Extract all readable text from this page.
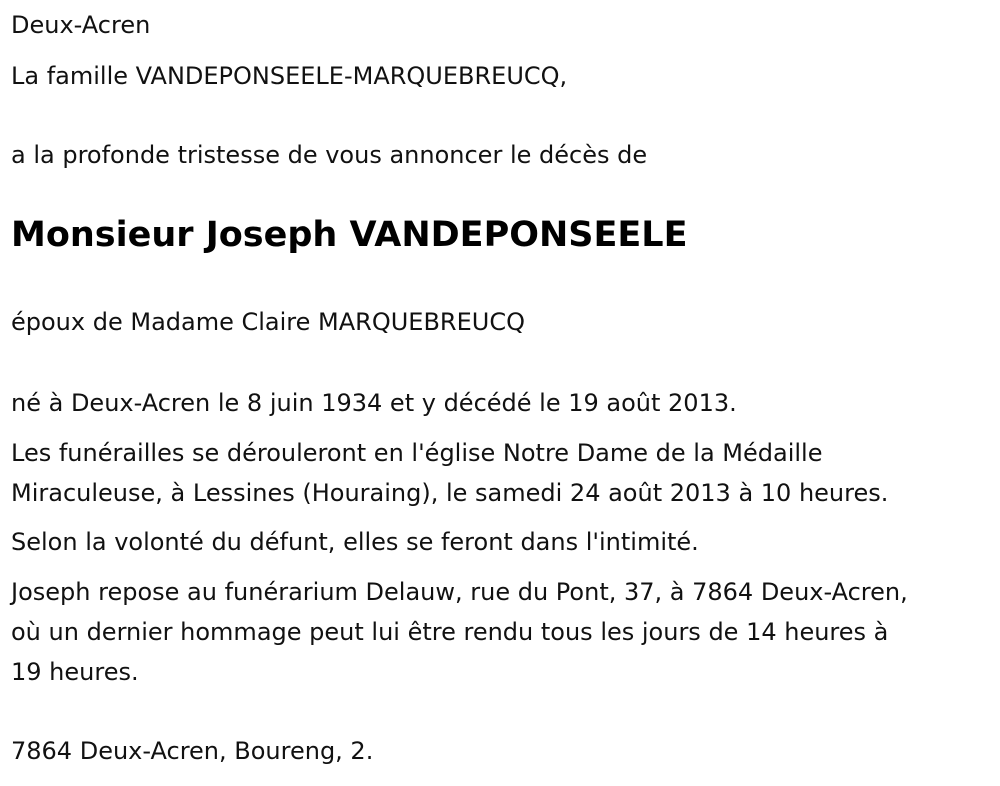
Deux-Acren

La famille VANDEPONSEELE-MARQUEBREUCQ,

a la profonde tristesse de vous annoncer le décès de

Monsieur Joseph VANDEPONSEELE

époux de Madame Claire MARQUEBREUCQ

né à Deux-Acren le 8 juin 1934 et y décédé le 19 août 2013.

Les funérailles se dérouleront en l'église Notre Dame de la Médaille

Miraculeuse, à Lessines (Houraing), le samedi 24 août 2013 à 10 heures.

Selon la volonté du défunt, elles se feront dans l'intimité.

Joseph repose au funérarium Delauw, rue du Pont, 37, à 7864 Deux-Acren,

où un dernier hommage peut lui être rendu tous les jours de 14 heures à

19 heures.

7864 Deux-Acren, Boureng, 2.
